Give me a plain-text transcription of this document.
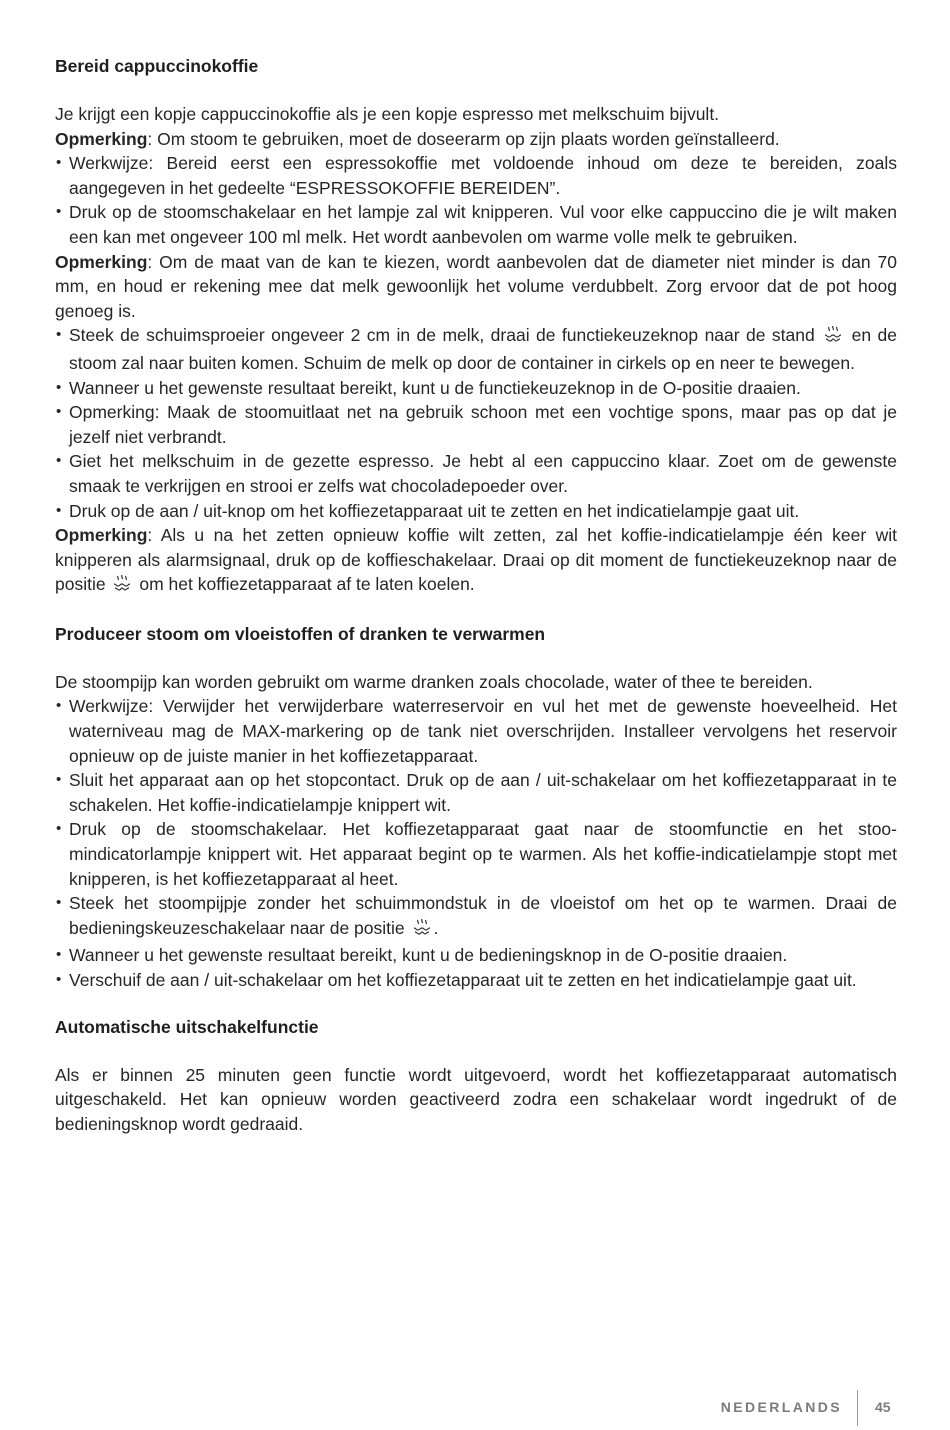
Bereid cappuccinokoffie

Je krijgt een kopje cappuccinokoffie als je een kopje espresso met melkschuim bijvult.

Opmerking: Om stoom te gebruiken, moet de doseerarm op zijn plaats worden geïnstalleerd.

• Werkwijze: Bereid eerst een espressokoffie met voldoende inhoud om deze te bereiden, zoals aangegeven in het gedeelte “ESPRESSOKOFFIE BEREIDEN”.
• Druk op de stoomschakelaar en het lampje zal wit knipperen. Vul voor elke cappuccino die je wilt maken een kan met ongeveer 100 ml melk. Het wordt aanbevolen om warme volle melk te gebruiken.

Opmerking: Om de maat van de kan te kiezen, wordt aanbevolen dat de diameter niet minder is dan 70 mm, en houd er rekening mee dat melk gewoonlijk het volume verdubbelt. Zorg ervoor dat de pot hoog genoeg is.

• Steek de schuimsproeier ongeveer 2 cm in de melk, draai de functiekeuzeknop naar de stand en de stoom zal naar buiten komen. Schuim de melk op door de container in cirkels op en neer te bewegen.
• Wanneer u het gewenste resultaat bereikt, kunt u de functiekeuzeknop in de O-positie draaien.
• Opmerking: Maak de stoomuitlaat net na gebruik schoon met een vochtige spons, maar pas op dat je jezelf niet verbrandt.
• Giet het melkschuim in de gezette espresso. Je hebt al een cappuccino klaar. Zoet om de gewenste smaak te verkrijgen en strooi er zelfs wat chocoladepoeder over.
• Druk op de aan / uit-knop om het koffiezetapparaat uit te zetten en het indicatielampje gaat uit.

Opmerking: Als u na het zetten opnieuw koffie wilt zetten, zal het koffie-indicatielampje één keer wit knipperen als alarmsignaal, druk op de koffieschakelaar. Draai op dit moment de functiekeuzeknop naar de positie om het koffiezetapparaat af te laten koelen.

Produceer stoom om vloeistoffen of dranken te verwarmen

De stoompijp kan worden gebruikt om warme dranken zoals chocolade, water of thee te bereiden.

• Werkwijze: Verwijder het verwijderbare waterreservoir en vul het met de gewenste hoeveelheid. Het waterniveau mag de MAX-markering op de tank niet overschrijden. Installeer vervolgens het reservoir opnieuw op de juiste manier in het koffiezetapparaat.
• Sluit het apparaat aan op het stopcontact. Druk op de aan / uit-schakelaar om het koffiezetapparaat in te schakelen. Het koffie-indicatielampje knippert wit.
• Druk op de stoomschakelaar. Het koffiezetapparaat gaat naar de stoomfunctie en het stoomindicatorlampje knippert wit. Het apparaat begint op te warmen. Als het koffie-indicatielampje stopt met knipperen, is het koffiezetapparaat al heet.
• Steek het stoompijpje zonder het schuimmondstuk in de vloeistof om het op te warmen. Draai de bedieningskeuzeschakelaar naar de positie .
• Wanneer u het gewenste resultaat bereikt, kunt u de bedieningsknop in de O-positie draaien.
• Verschuif de aan / uit-schakelaar om het koffiezetapparaat uit te zetten en het indicatielampje gaat uit.
Automatische uitschakelfunctie

Als er binnen 25 minuten geen functie wordt uitgevoerd, wordt het koffiezetapparaat automatisch uitgeschakeld. Het kan opnieuw worden geactiveerd zodra een schakelaar wordt ingedrukt of de bedieningsknop wordt gedraaid.

NEDERLANDS 45
